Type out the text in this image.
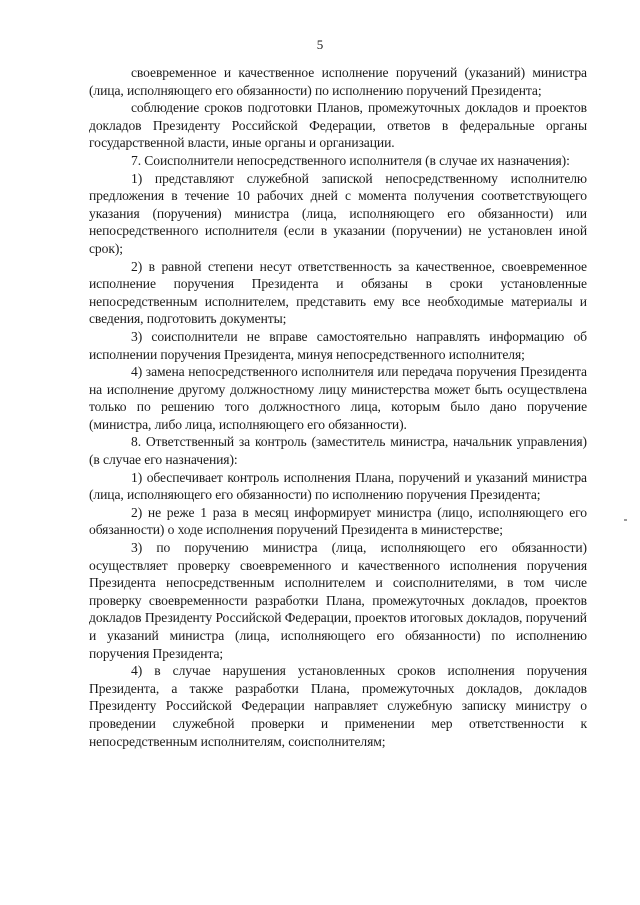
5

своевременное и качественное исполнение поручений (указаний) министра (лица, исполняющего его обязанности) по исполнению поручений Президента;

соблюдение сроков подготовки Планов, промежуточных докладов и проектов докладов Президенту Российской Федерации, ответов в федеральные органы государственной власти, иные органы и организации.

7. Соисполнители непосредственного исполнителя (в случае их назначения):

1) представляют служебной запиской непосредственному исполнителю предложения в течение 10 рабочих дней с момента получения соответствующего указания (поручения) министра (лица, исполняющего его обязанности) или непосредственного исполнителя (если в указании (поручении) не установлен иной срок);

2) в равной степени несут ответственность за качественное, своевременное исполнение поручения Президента и обязаны в сроки установленные непосредственным исполнителем, представить ему все необходимые материалы и сведения, подготовить документы;

3) соисполнители не вправе самостоятельно направлять информацию об исполнении поручения Президента, минуя непосредственного исполнителя;

4) замена непосредственного исполнителя или передача поручения Президента на исполнение другому должностному лицу министерства может быть осуществлена только по решению того должностного лица, которым было дано поручение (министра, либо лица, исполняющего его обязанности).

8. Ответственный за контроль (заместитель министра, начальник управления) (в случае его назначения):

1) обеспечивает контроль исполнения Плана, поручений и указаний министра (лица, исполняющего его обязанности) по исполнению поручения Президента;

2) не реже 1 раза в месяц информирует министра (лицо, исполняющего его обязанности) о ходе исполнения поручений Президента в министерстве;

3) по поручению министра (лица, исполняющего его обязанности) осуществляет проверку своевременного и качественного исполнения поручения Президента непосредственным исполнителем и соисполнителями, в том числе проверку своевременности разработки Плана, промежуточных докладов, проектов докладов Президенту Российской Федерации, проектов итоговых докладов, поручений и указаний министра (лица, исполняющего его обязанности) по исполнению поручения Президента;

4) в случае нарушения установленных сроков исполнения поручения Президента, а также разработки Плана, промежуточных докладов, докладов Президенту Российской Федерации направляет служебную записку министру о проведении служебной проверки и применении мер ответственности к непосредственным исполнителям, соисполнителям;
